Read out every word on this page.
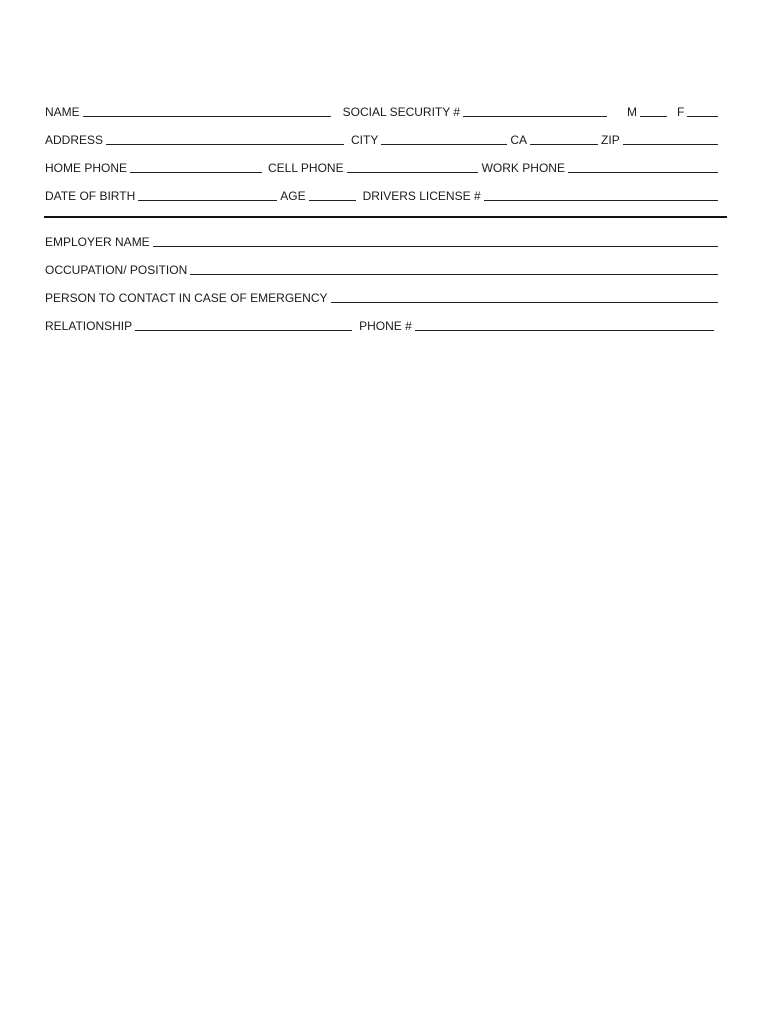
NAME	SOCIAL SECURITY #	M	F
ADDRESS	CITY	CA	ZIP
HOME PHONE	CELL PHONE	WORK PHONE
DATE OF BIRTH	AGE	DRIVERS LICENSE #
EMPLOYER NAME
OCCUPATION/ POSITION
PERSON TO CONTACT IN CASE OF EMERGENCY
RELATIONSHIP	PHONE #
